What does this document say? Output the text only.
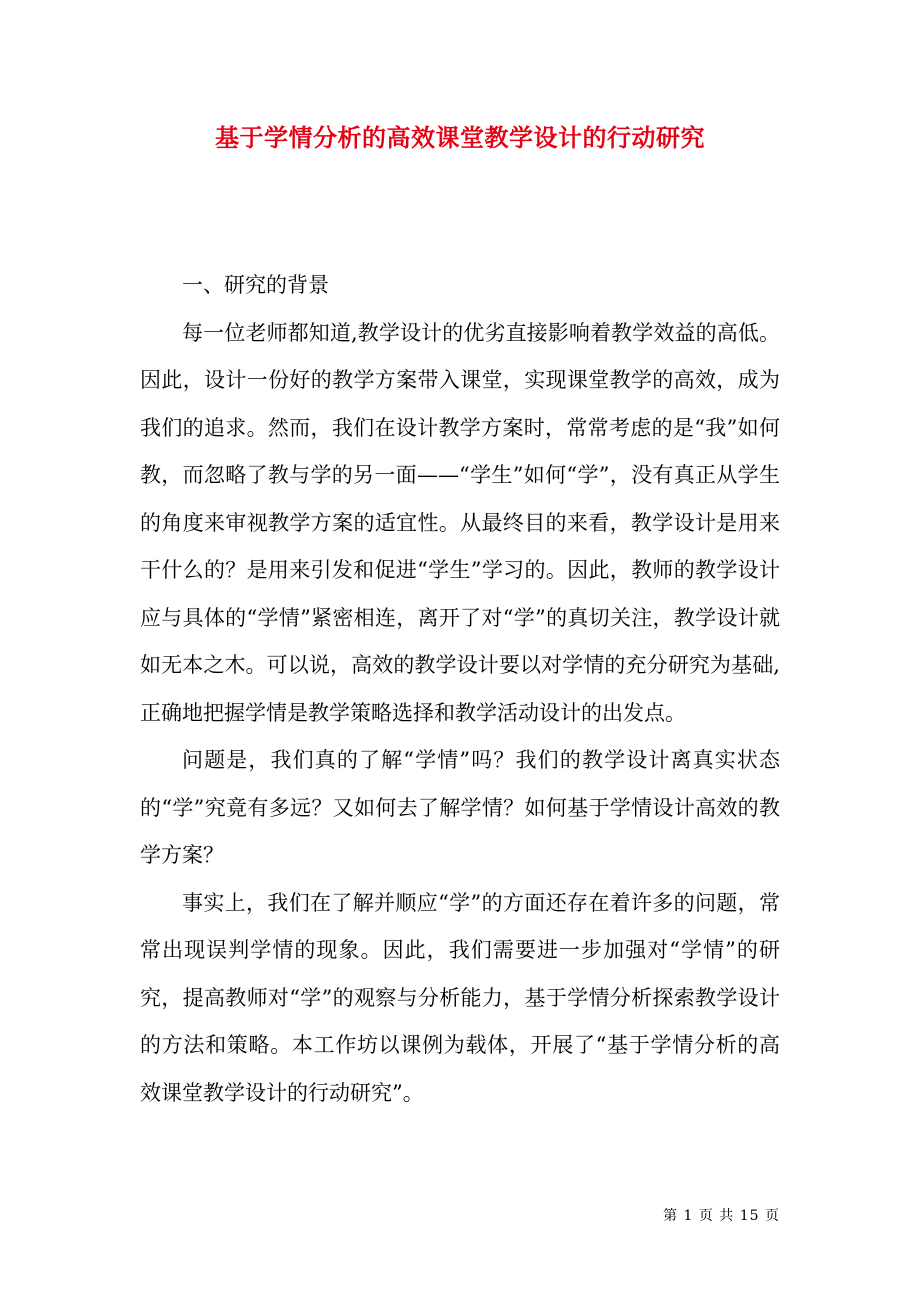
基于学情分析的高效课堂教学设计的行动研究

一、研究的背景

每一位老师都知道,教学设计的优劣直接影响着教学效益的高低。因此，设计一份好的教学方案带入课堂，实现课堂教学的高效，成为我们的追求。然而，我们在设计教学方案时，常常考虑的是“我”如何教，而忽略了教与学的另一面——“学生”如何“学”，没有真正从学生的角度来审视教学方案的适宜性。从最终目的来看，教学设计是用来干什么的？是用来引发和促进“学生”学习的。因此，教师的教学设计应与具体的“学情”紧密相连，离开了对“学”的真切关注，教学设计就如无本之木。可以说，高效的教学设计要以对学情的充分研究为基础,正确地把握学情是教学策略选择和教学活动设计的出发点。

问题是，我们真的了解“学情”吗？我们的教学设计离真实状态的“学”究竟有多远？又如何去了解学情？如何基于学情设计高效的教学方案？

事实上，我们在了解并顺应“学”的方面还存在着许多的问题，常常出现误判学情的现象。因此，我们需要进一步加强对“学情”的研究，提高教师对“学”的观察与分析能力，基于学情分析探索教学设计的方法和策略。本工作坊以课例为载体，开展了“基于学情分析的高效课堂教学设计的行动研究”。

第 1 页 共 15 页
